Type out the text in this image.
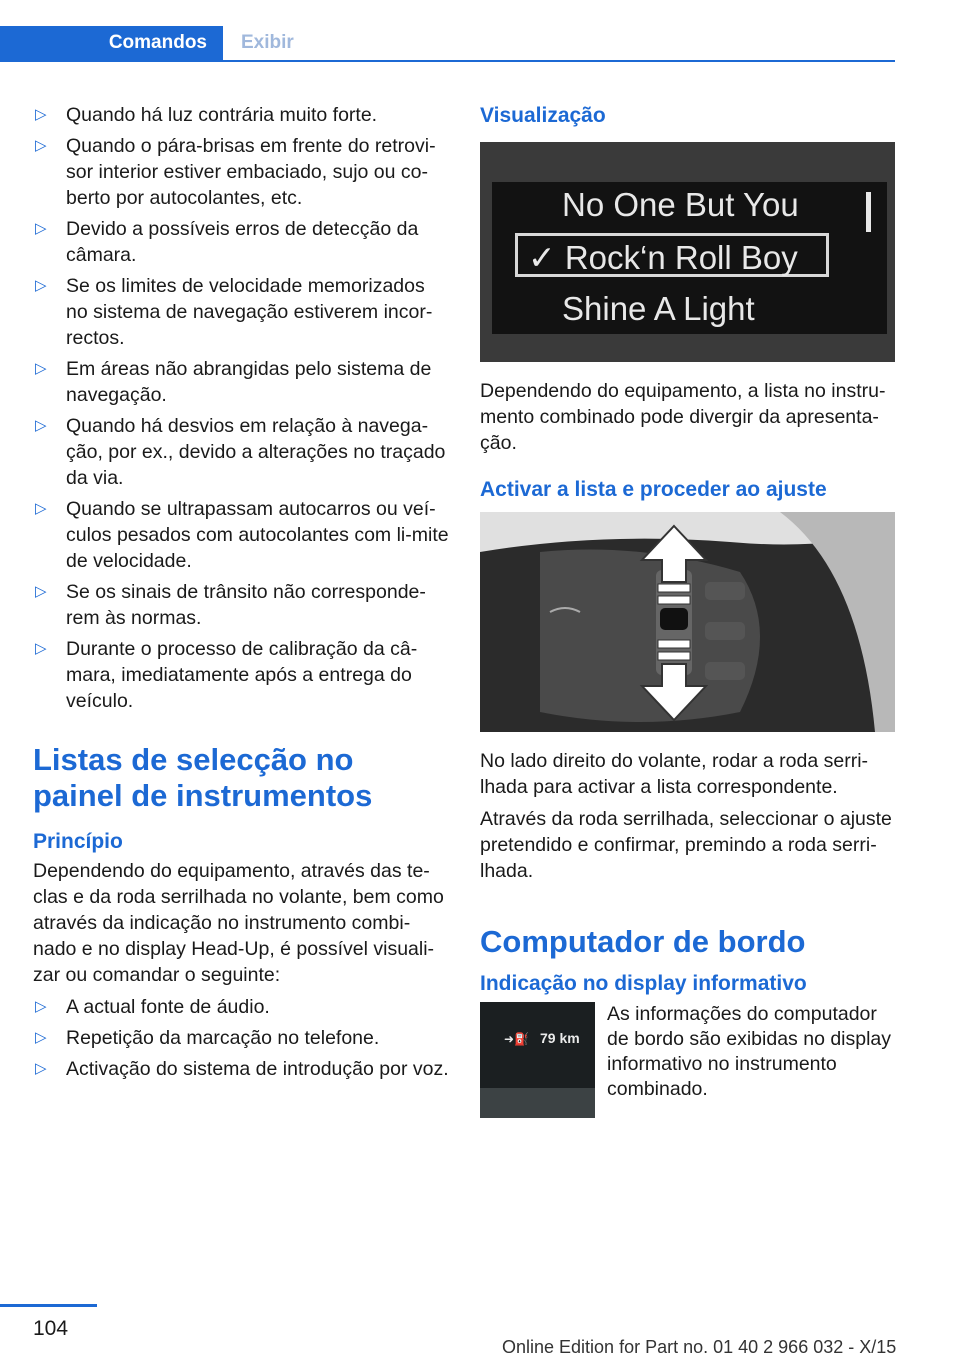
Comandos	Exibir
▷ Quando há luz contrária muito forte.
▷ Quando o pára-brisas em frente do retrovi-sor interior estiver embaciado, sujo ou co-berto por autocolantes, etc.
▷ Devido a possíveis erros de detecção da câmara.
▷ Se os limites de velocidade memorizados no sistema de navegação estiverem incor-rectos.
▷ Em áreas não abrangidas pelo sistema de navegação.
▷ Quando há desvios em relação à navega-ção, por ex., devido a alterações no traçado da via.
▷ Quando se ultrapassam autocarros ou veí-culos pesados com autocolantes com li-mite de velocidade.
▷ Se os sinais de trânsito não corresponde-rem às normas.
▷ Durante o processo de calibração da câ-mara, imediatamente após a entrega do veículo.
Listas de selecção no painel de instrumentos
Princípio

Dependendo do equipamento, através das te-clas e da roda serrilhada no volante, bem como através da indicação no instrumento combi-nado e no display Head-Up, é possível visuali-zar ou comandar o seguinte:

▷ A actual fonte de áudio.
▷ Repetição da marcação no telefone.
▷ Activação do sistema de introdução por voz.
Visualização
No One But You
✓ Rock‘n Roll Boy
Shine A Light

Dependendo do equipamento, a lista no instru-mento combinado pode divergir da apresenta-ção.

Activar a lista e proceder ao ajuste

No lado direito do volante, rodar a roda serri-lhada para activar a lista correspondente.

Através da roda serrilhada, seleccionar o ajuste pretendido e confirmar, premindo a roda serri-lhada.

Computador de bordo
Indicação no display informativo
➜⛽ 79 km
As informações do computador de bordo são exibidas no display informativo no instrumento combinado.
104
Online Edition for Part no. 01 40 2 966 032 - X/15
